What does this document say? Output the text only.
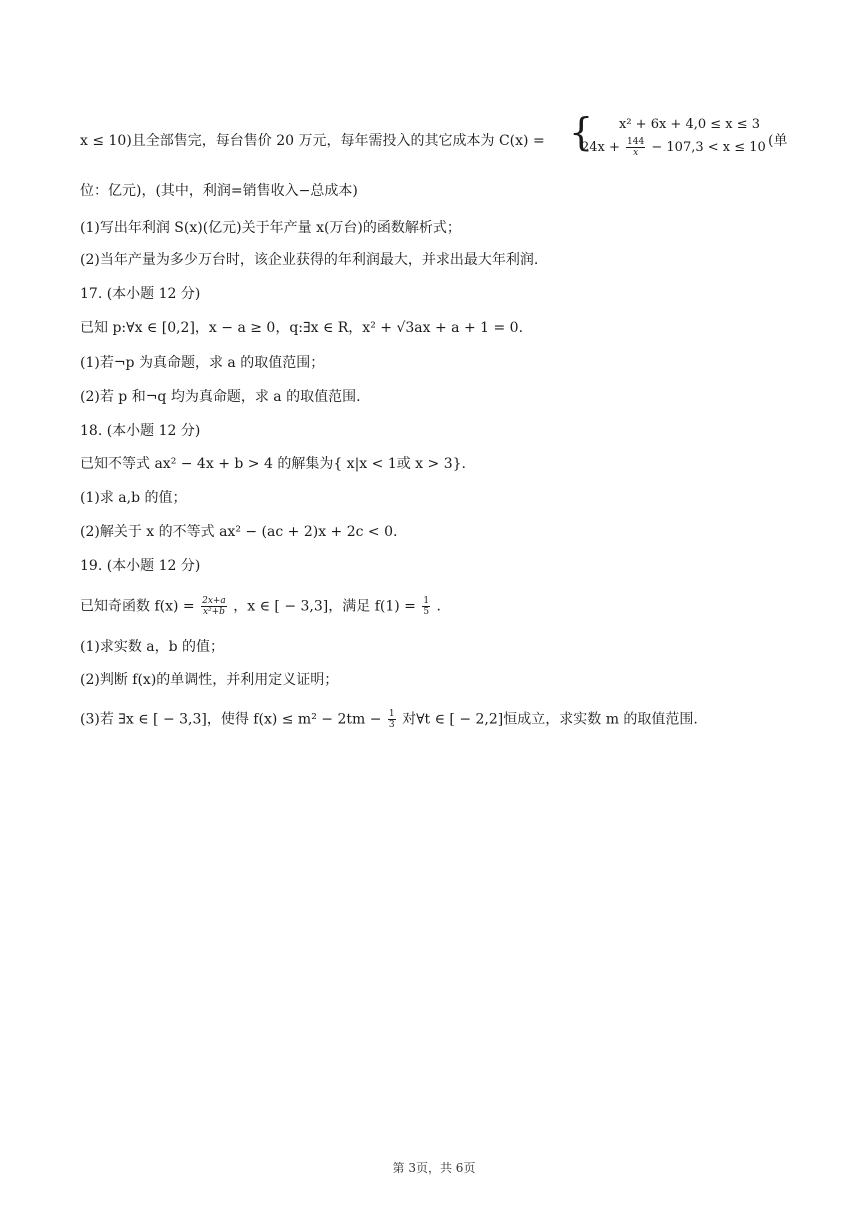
x ≤ 10)且全部售完，每台售价 20 万元，每年需投入的其它成本为 C(x) = { x² + 6x + 4,0 ≤ x ≤ 3
$24x + \frac{144}{x} - 107,3 < x \le 10$ (单
位：亿元)，(其中，利润=销售收入−总成本)
(1)写出年利润 S(x)(亿元)关于年产量 x(万台)的函数解析式；
(2)当年产量为多少万台时，该企业获得的年利润最大，并求出最大年利润.
17. (本小题 12 分)
已知 p:∀x ∈ [0,2]，x − a ≥ 0，q:∃x ∈ R，x² + √3ax + a + 1 = 0.
(1)若¬p 为真命题，求 a 的取值范围；
(2)若 p 和¬q 均为真命题，求 a 的取值范围.
18. (本小题 12 分)
已知不等式 ax² − 4x + b > 4 的解集为{ x|x < 1或 x > 3}.
(1)求 a,b 的值；
(2)解关于 x 的不等式 ax² − (ac + 2)x + 2c < 0.
19. (本小题 12 分)
已知奇函数 $f(x) = \frac{2x+a}{\text{x²+b}}$ ，x ∈ [ − 3,3]，满足 $f(1) = \frac{1}{5}$ .
(1)求实数 a，b 的值；
(2)判断 f(x)的单调性，并利用定义证明；
(3)若 ∃x ∈ [ − 3,3]，使得 $f(x) \le m^2 - 2tm - \frac{1}{3}$ 对∀t ∈ [ − 2,2]恒成立，求实数 m 的取值范围.
第 3页，共 6页
